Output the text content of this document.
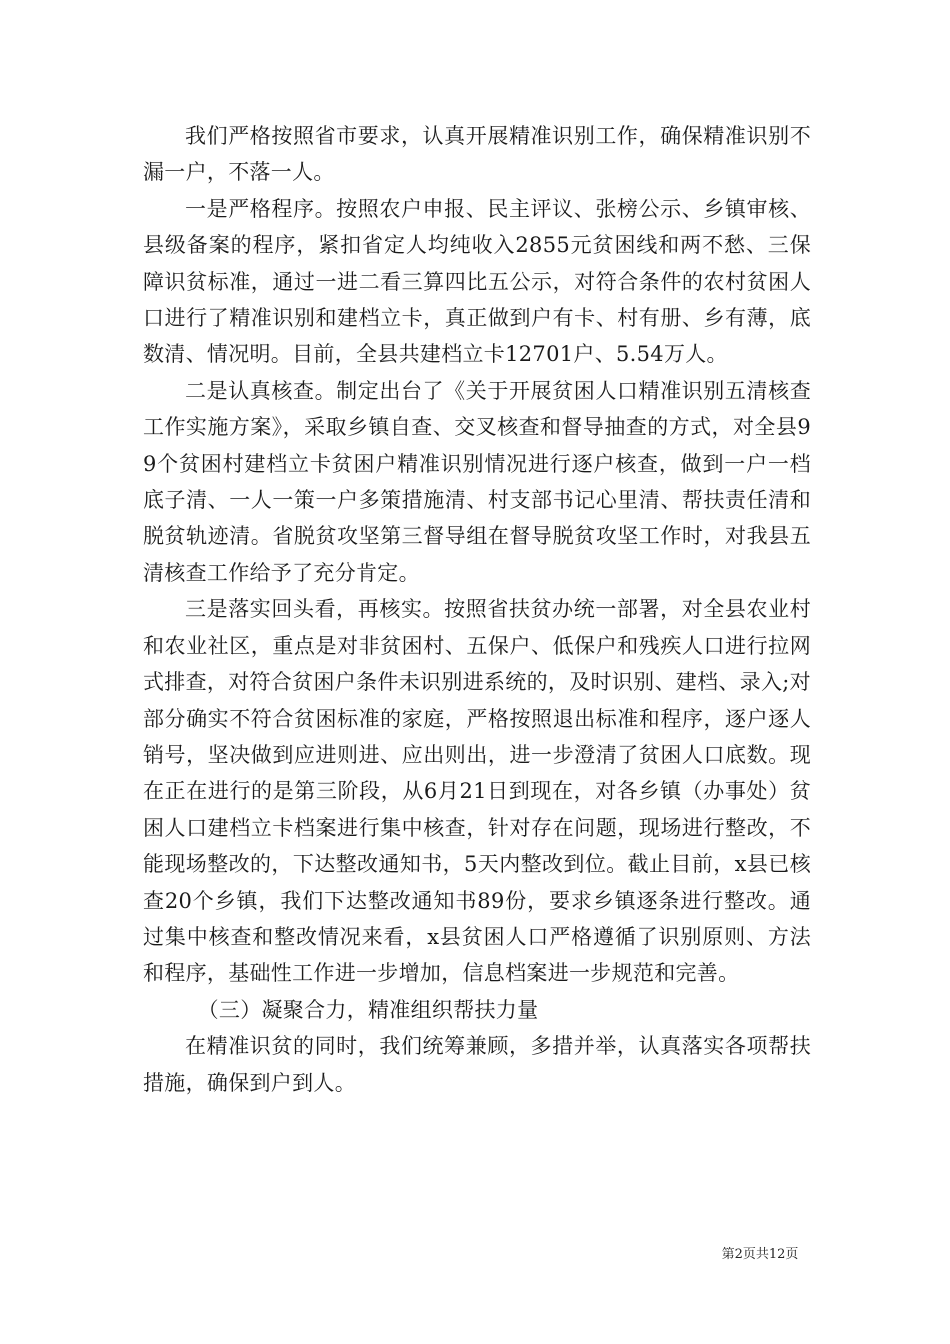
我们严格按照省市要求，认真开展精准识别工作，确保精准识别不漏一户，不落一人。

一是严格程序。按照农户申报、民主评议、张榜公示、乡镇审核、县级备案的程序，紧扣省定人均纯收入2855元贫困线和两不愁、三保障识贫标准，通过一进二看三算四比五公示，对符合条件的农村贫困人口进行了精准识别和建档立卡，真正做到户有卡、村有册、乡有薄，底数清、情况明。目前，全县共建档立卡12701户、5.54万人。

二是认真核查。制定出台了《关于开展贫困人口精准识别五清核查工作实施方案》，采取乡镇自查、交叉核查和督导抽查的方式，对全县99个贫困村建档立卡贫困户精准识别情况进行逐户核查，做到一户一档底子清、一人一策一户多策措施清、村支部书记心里清、帮扶责任清和脱贫轨迹清。省脱贫攻坚第三督导组在督导脱贫攻坚工作时，对我县五清核查工作给予了充分肯定。

三是落实回头看，再核实。按照省扶贫办统一部署，对全县农业村和农业社区，重点是对非贫困村、五保户、低保户和残疾人口进行拉网式排查，对符合贫困户条件未识别进系统的，及时识别、建档、录入;对部分确实不符合贫困标准的家庭，严格按照退出标准和程序，逐户逐人销号，坚决做到应进则进、应出则出，进一步澄清了贫困人口底数。现在正在进行的是第三阶段，从6月21日到现在，对各乡镇（办事处）贫困人口建档立卡档案进行集中核查，针对存在问题，现场进行整改，不能现场整改的，下达整改通知书，5天内整改到位。截止目前，x县已核查20个乡镇，我们下达整改通知书89份，要求乡镇逐条进行整改。通过集中核查和整改情况来看，x县贫困人口严格遵循了识别原则、方法和程序，基础性工作进一步增加，信息档案进一步规范和完善。

（三）凝聚合力，精准组织帮扶力量

在精准识贫的同时，我们统筹兼顾，多措并举，认真落实各项帮扶措施，确保到户到人。

第2页共12页
